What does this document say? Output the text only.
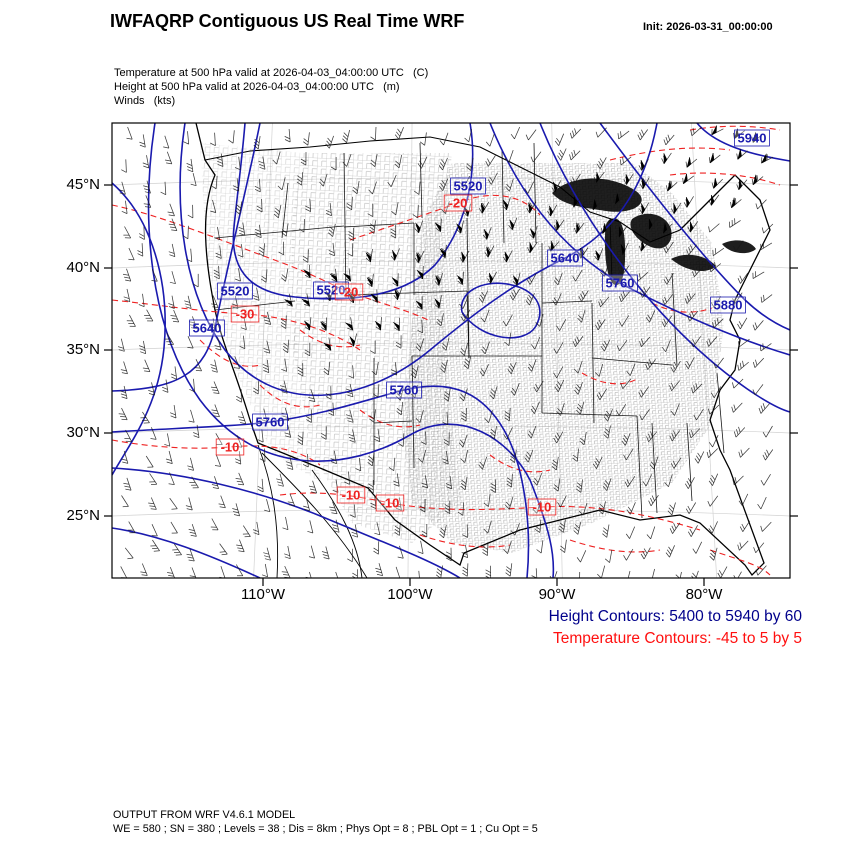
IWFAQRP Contiguous US Real Time WRF	Init: 2026-03-31_00:00:00
Temperature at 500 hPa valid at 2026-04-03_04:00:00 UTC   (C)
Height at 500 hPa valid at 2026-04-03_04:00:00 UTC   (m)
Winds   (kts)
5940
5880
5760
5640
5520
5520	5520
5640
5760
5760
-20
-20
-30
-10
-10
-10	-10
45°N
40°N
35°N
30°N
25°N
110°W	100°W	90°W	80°W
Height Contours: 5400 to 5940 by 60
Temperature Contours: -45 to 5 by 5
OUTPUT FROM WRF V4.6.1 MODEL
WE = 580 ; SN = 380 ; Levels = 38 ; Dis = 8km ; Phys Opt = 8 ; PBL Opt = 1 ; Cu Opt = 5
